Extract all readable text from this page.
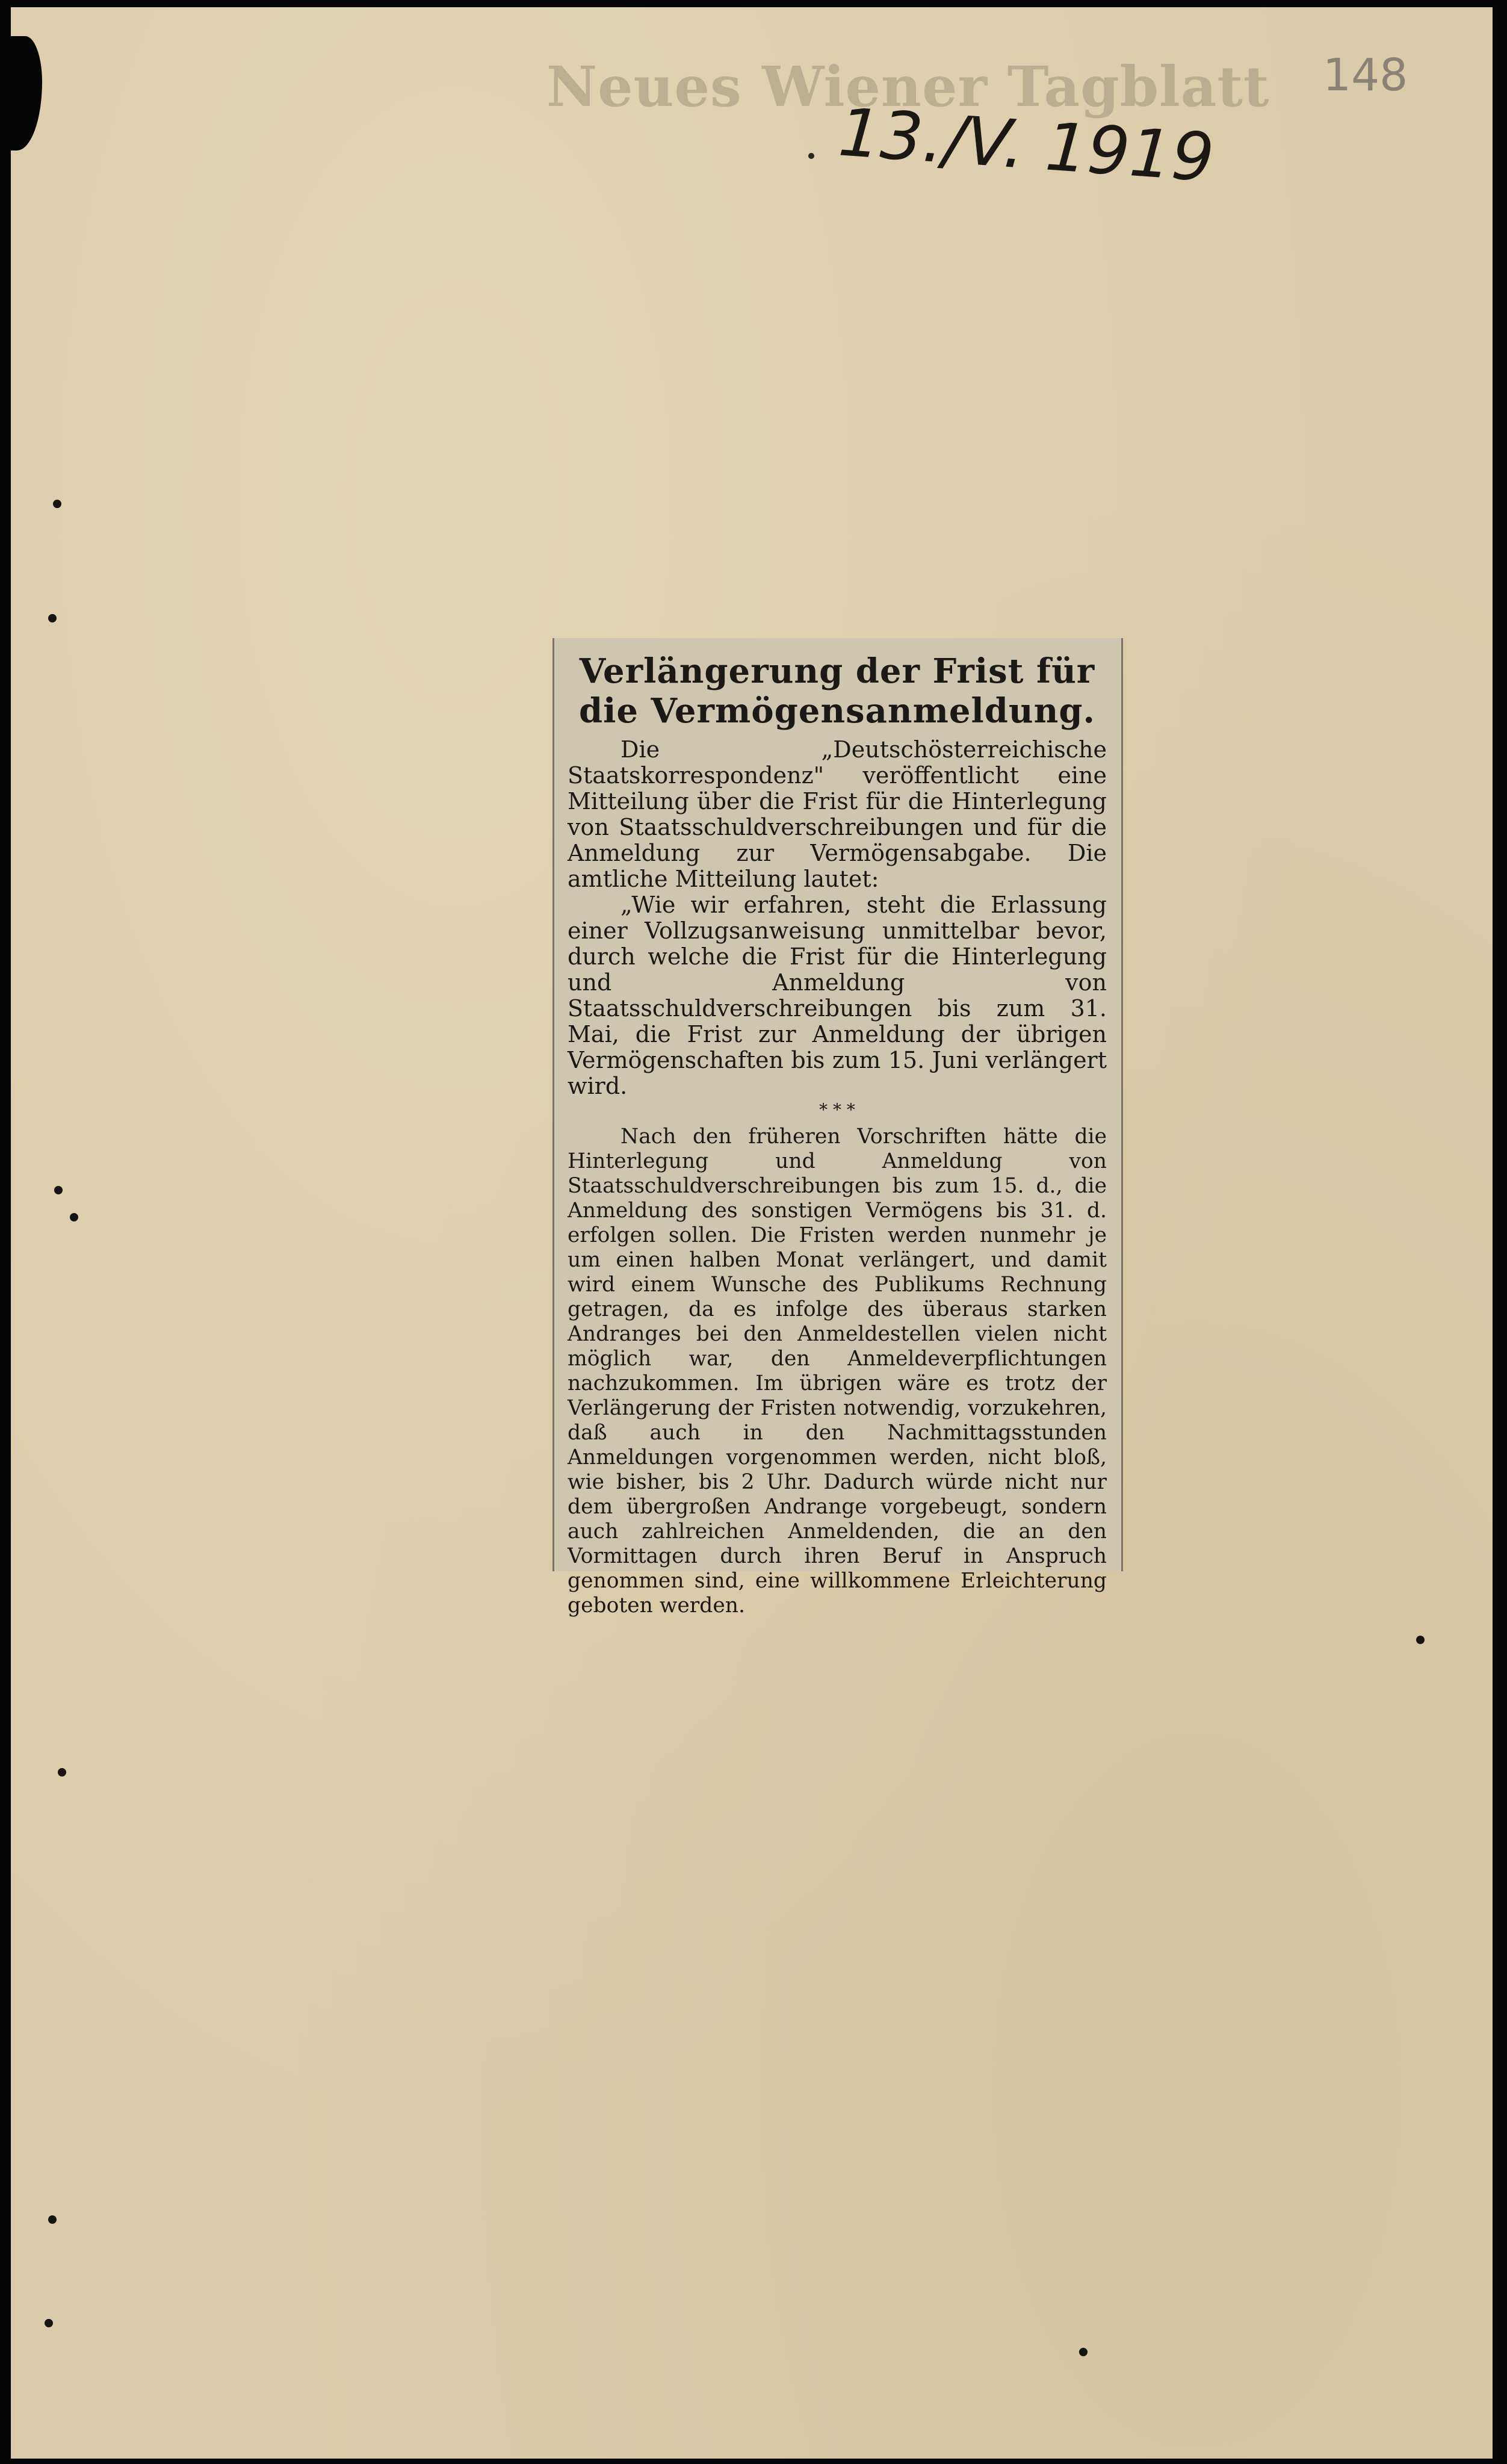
Neues Wiener Tagblatt
13./V. 1919
148
Verlängerung der Frist für die Vermögensanmeldung.

Die „Deutschösterreichische Staatskorrespondenz" veröffentlicht eine Mitteilung über die Frist für die Hinterlegung von Staatsschuldverschreibungen und für die Anmeldung zur Vermögensabgabe. Die amtliche Mitteilung lautet:

„Wie wir erfahren, steht die Erlassung einer Vollzugsanweisung unmittelbar bevor, durch welche die Frist für die Hinterlegung und Anmeldung von Staatsschuldverschreibungen bis zum 31. Mai, die Frist zur Anmeldung der übrigen Vermögenschaften bis zum 15. Juni verlängert wird.

* * *

Nach den früheren Vorschriften hätte die Hinterlegung und Anmeldung von Staatsschuldverschreibungen bis zum 15. d., die Anmeldung des sonstigen Vermögens bis 31. d. erfolgen sollen. Die Fristen werden nunmehr je um einen halben Monat verlängert, und damit wird einem Wunsche des Publikums Rechnung getragen, da es infolge des überaus starken Andranges bei den Anmeldestellen vielen nicht möglich war, den Anmeldeverpflichtungen nachzukommen. Im übrigen wäre es trotz der Verlängerung der Fristen notwendig, vorzukehren, daß auch in den Nachmittagsstunden Anmeldungen vorgenommen werden, nicht bloß, wie bisher, bis 2 Uhr. Dadurch würde nicht nur dem übergroßen Andrange vorgebeugt, sondern auch zahlreichen Anmeldenden, die an den Vormittagen durch ihren Beruf in Anspruch genommen sind, eine willkommene Erleichterung geboten werden.
